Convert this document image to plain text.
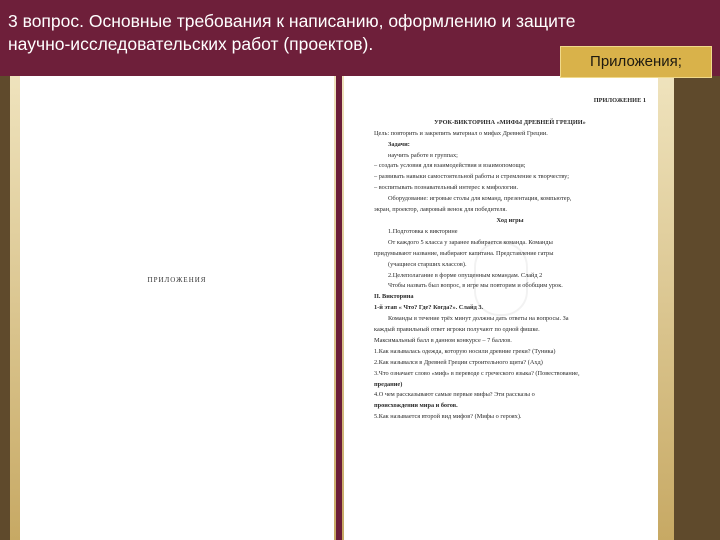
3 вопрос. Основные требования к написанию, оформлению и защите
научно-исследовательских работ (проектов).
ПРИЛОЖЕНИЯ
ПРИЛОЖЕНИЕ 1

УРОК-ВИКТОРИНА «МИФЫ ДРЕВНЕЙ ГРЕЦИИ»
Цель: повторить и закрепить материал о мифах Древней Греции.
Задачи:
научить работе в группах;
– создать условия для взаимодействия и взаимопомощи;
– развивать навыки самостоятельной работы и стремление к творчеству;
– воспитывать познавательный интерес к мифологии.
Оборудование: игровые столы для команд, презентация, компьютер,
экран, проектор, лавровый венок для победителя.
Ход игры
1.Подготовка к викторине
От каждого 5 класса у заранее выбирается команда. Команды
придумывают название, выбирают капитана. Представление гатры
(учащиеся старших классов).
2.Целеполагание в форме опущенным командам. Слайд 2
Чтобы назвать был вопрос, в игре мы повторим и обобщим урок.
II. Викторина
1-й этап « Что? Где? Когда?». Слайд 3.
Команды в течение трёх минут должны дать ответы на вопросы. За
каждый правильный ответ игроки получают по одной фишке.
Максимальный балл в данном конкурсе – 7 баллов.
1.Как называлась одежда, которую носили древние греки? (Туника)
2.Как назывался в Древней Греции строительного щита? (Ахд)
3.Что означает слово «миф» в переводе с греческого языка? (Повествование,
предание)
4.О чем рассказывают самые первые мифы? Эти рассказы о
происхождении мира и богов.
5.Как называется второй вид мифов? (Мифы о героях).
Приложения;
